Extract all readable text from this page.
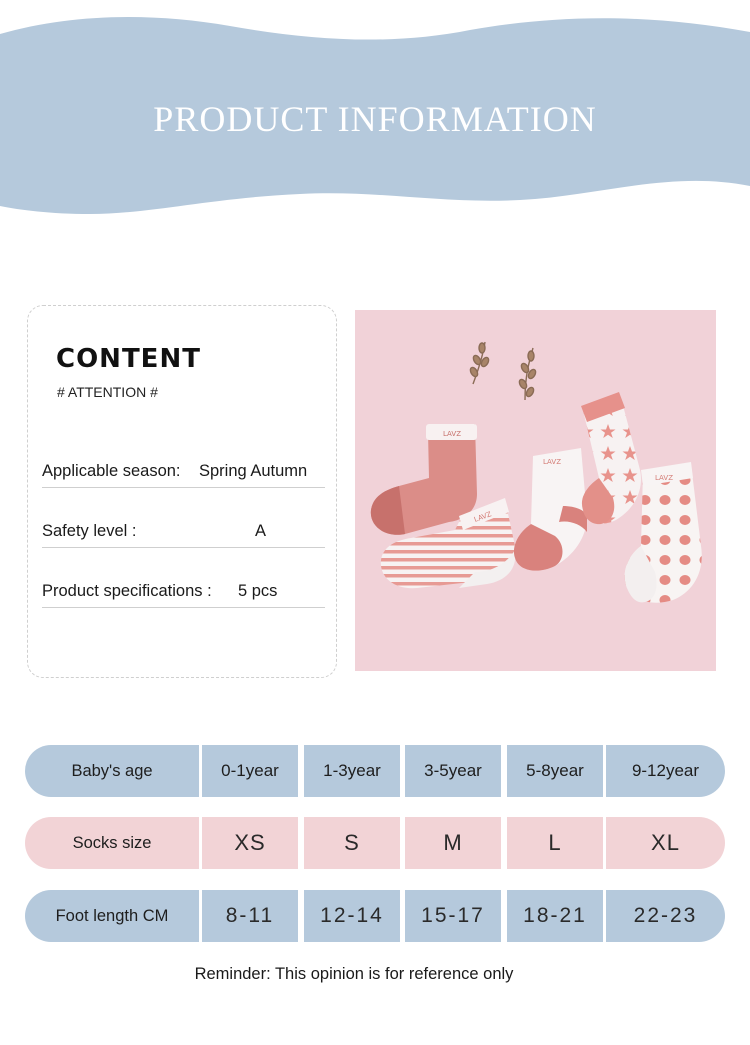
PRODUCT INFORMATION
CONTENT
# ATTENTION #
Applicable season: Spring Autumn
Safety level :	A
Product specifications : 5 pcs
LAVZ
LAVZ
LAVZ
LAVZ
Baby's age	0-1year	1-3year	3-5year	5-8year	9-12year
Socks size	XS	S	M	L	XL
Foot length CM	8-11	12-14	15-17	18-21	22-23
Reminder: This opinion is for reference only
